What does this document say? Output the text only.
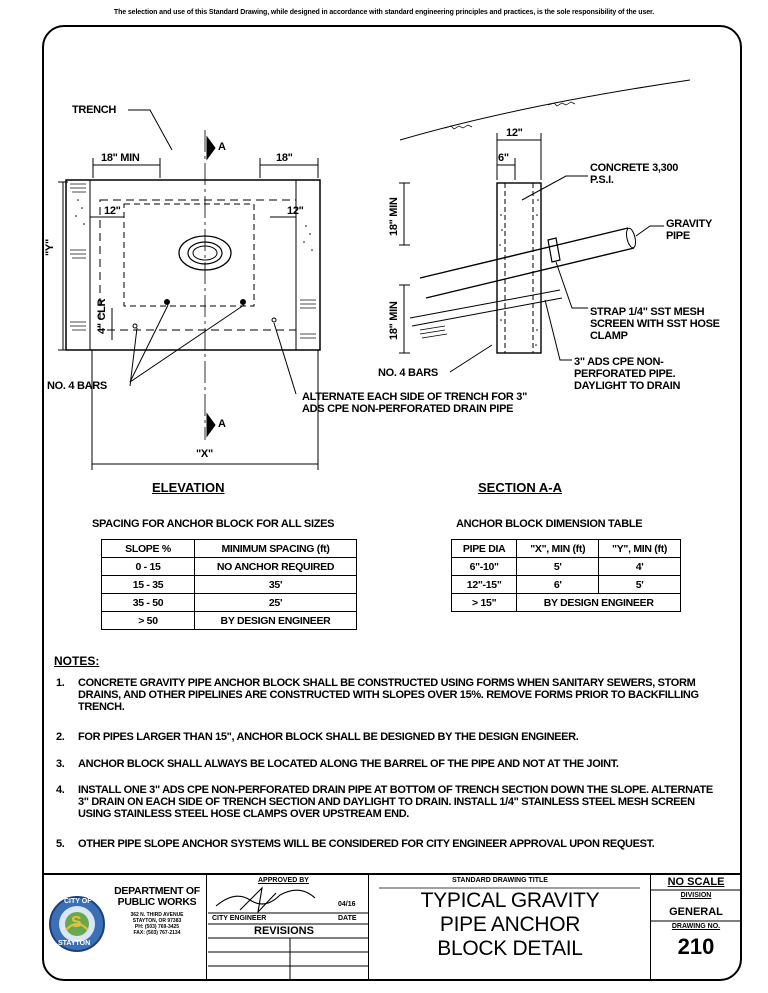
The selection and use of this Standard Drawing, while designed in accordance with standard engineering principles and practices, is the sole responsibility of the user.
TRENCH
18" MIN	18"
12"	12"
"Y"
4" CLR
"X"
NO. 4 BARS
ALTERNATE EACH SIDE OF TRENCH FOR 3" ADS CPE NON-PERFORATED DRAIN PIPE
A
A
ELEVATION
12"
6"
18" MIN
18" MIN
CONCRETE 3,300 P.S.I.
GRAVITY PIPE
STRAP 1/4" SST MESH SCREEN WITH SST HOSE CLAMP
3" ADS CPE NON-PERFORATED PIPE. DAYLIGHT TO DRAIN
NO. 4 BARS
SECTION A-A
SPACING FOR ANCHOR BLOCK FOR ALL SIZES
SLOPE %	MINIMUM SPACING (ft)
0 - 15	NO ANCHOR REQUIRED
15 - 35	35'
35 - 50	25'
> 50	BY DESIGN ENGINEER
ANCHOR BLOCK DIMENSION TABLE
PIPE DIA	"X", MIN (ft)	"Y", MIN (ft)
6"-10"	5'	4'
12"-15"	6'	5'
> 15"	BY DESIGN ENGINEER	
NOTES:
1. CONCRETE GRAVITY PIPE ANCHOR BLOCK SHALL BE CONSTRUCTED USING FORMS WHEN SANITARY SEWERS, STORM DRAINS, AND OTHER PIPELINES ARE CONSTRUCTED WITH SLOPES OVER 15%. REMOVE FORMS PRIOR TO BACKFILLING TRENCH.
2. FOR PIPES LARGER THAN 15", ANCHOR BLOCK SHALL BE DESIGNED BY THE DESIGN ENGINEER.
3. ANCHOR BLOCK SHALL ALWAYS BE LOCATED ALONG THE BARREL OF THE PIPE AND NOT AT THE JOINT.
4. INSTALL ONE 3" ADS CPE NON-PERFORATED DRAIN PIPE AT BOTTOM OF TRENCH SECTION DOWN THE SLOPE. ALTERNATE 3" DRAIN ON EACH SIDE OF TRENCH SECTION AND DAYLIGHT TO DRAIN. INSTALL 1/4" STAINLESS STEEL MESH SCREEN USING STAINLESS STEEL HOSE CLAMPS OVER UPSTREAM END.
5. OTHER PIPE SLOPE ANCHOR SYSTEMS WILL BE CONSIDERED FOR CITY ENGINEER APPROVAL UPON REQUEST.
CITY OF
STAYTON
S
DEPARTMENT OF PUBLIC WORKS
362 N. THIRD AVENUE
STAYTON, OR 97383
PH: (503) 769-3425
FAX: (503) 767-2134
APPROVED BY
04/16
CITY ENGINEER	DATE
REVISIONS
STANDARD DRAWING TITLE
TYPICAL GRAVITY
PIPE ANCHOR
BLOCK DETAIL
NO SCALE
DIVISION
GENERAL
DRAWING NO.
210
